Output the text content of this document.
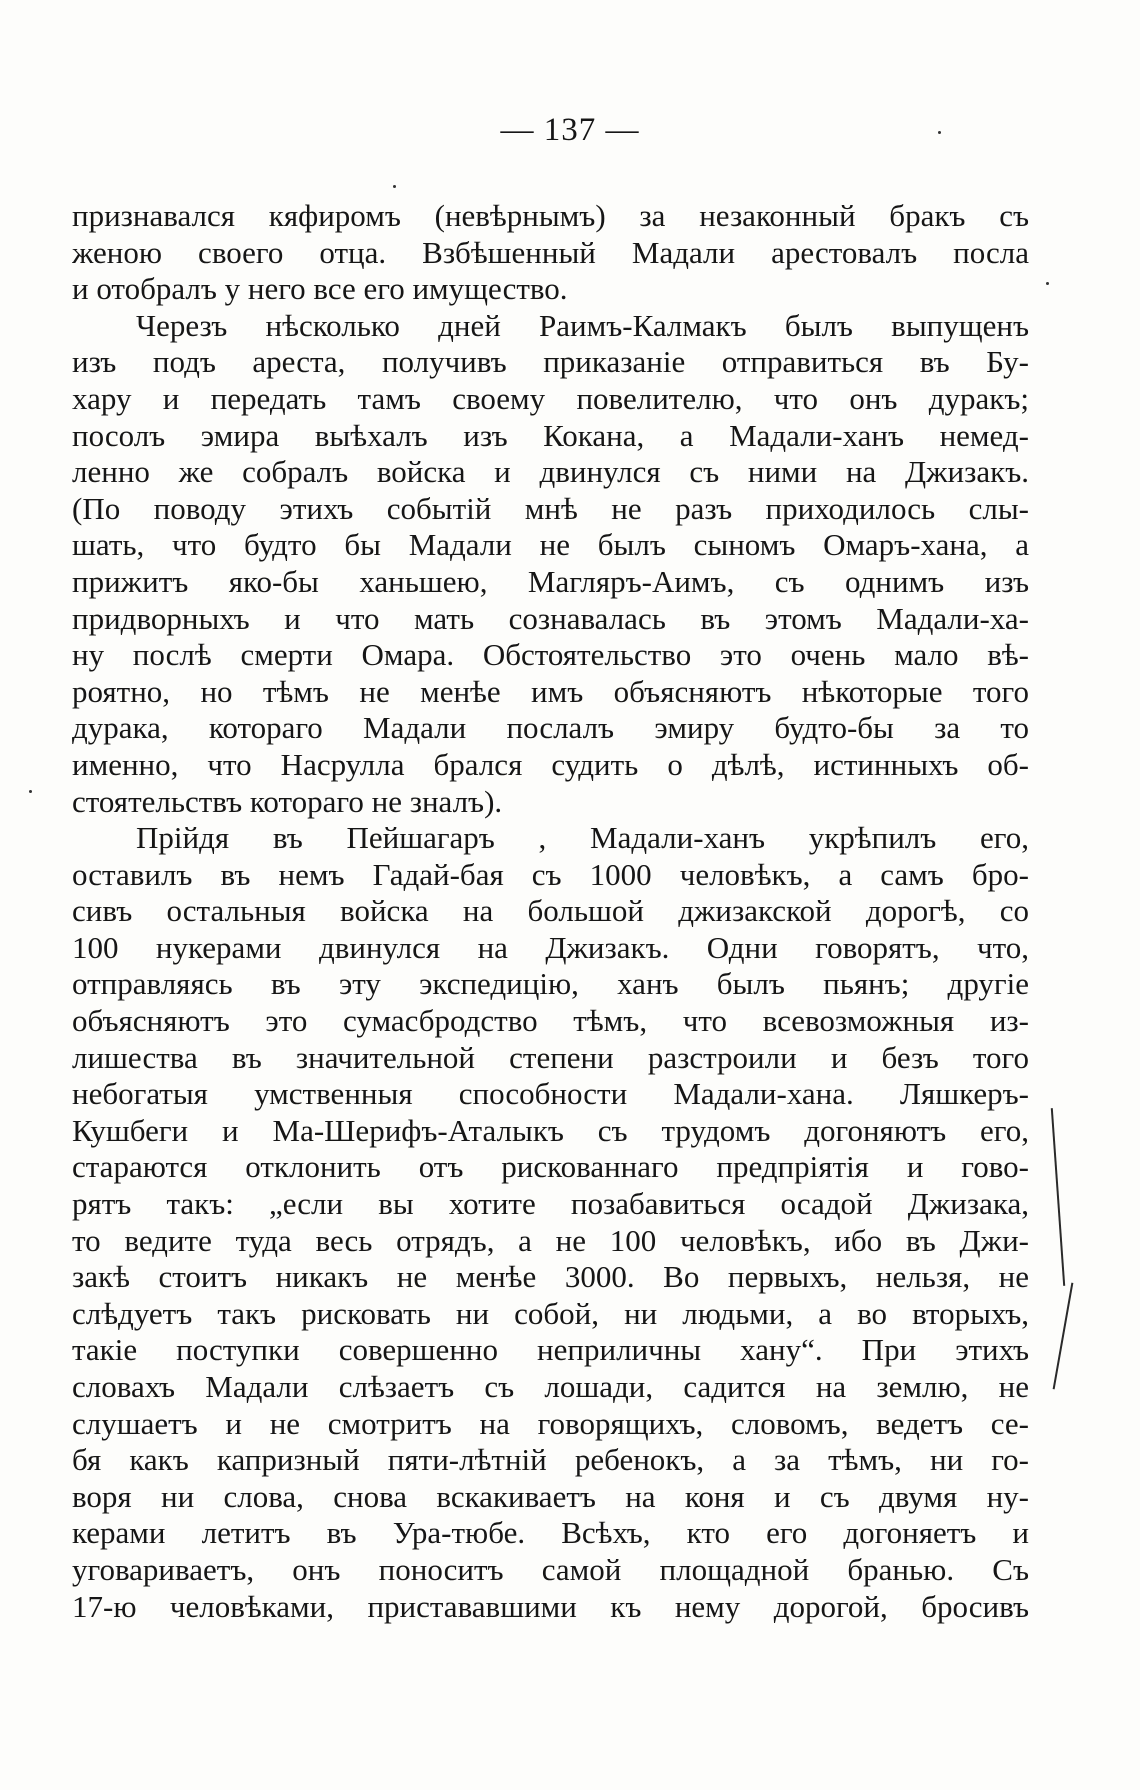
— 137 —
признавался кяфиромъ (невѣрнымъ) за незаконный бракъ съ
женою своего отца. Взбѣшенный Мадали арестовалъ посла
и отобралъ у него все его имущество.
Черезъ нѣсколько дней Раимъ-Калмакъ былъ выпущенъ
изъ подъ ареста, получивъ приказаніе отправиться въ Бу-
хару и передать тамъ своему повелителю, что онъ дуракъ;
посолъ эмира выѣхалъ изъ Кокана, а Мадали-ханъ немед-
ленно же собралъ войска и двинулся съ ними на Джизакъ.
(По поводу этихъ событій мнѣ не разъ приходилось слы-
шать, что будто бы Мадали не былъ сыномъ Омаръ-хана, а
прижитъ яко-бы ханьшею, Магляръ-Аимъ, съ однимъ изъ
придворныхъ и что мать сознавалась въ этомъ Мадали-ха-
ну послѣ смерти Омара. Обстоятельство это очень мало вѣ-
роятно, но тѣмъ не менѣе имъ объясняютъ нѣкоторые того
дурака, котораго Мадали послалъ эмиру будто-бы за то
именно, что Насрулла брался судить о дѣлѣ, истинныхъ об-
стоятельствъ котораго не зналъ).
Прійдя въ Пейшагаръ , Мадали-ханъ укрѣпилъ его,
оставилъ въ немъ Гадай-бая съ 1000 человѣкъ, а самъ бро-
сивъ остальныя войска на большой джизакской дорогѣ, со
100 нукерами двинулся на Джизакъ. Одни говорятъ, что,
отправляясь въ эту экспедицію, ханъ былъ пьянъ; другіе
объясняютъ это сумасбродство тѣмъ, что всевозможныя из-
лишества въ значительной степени разстроили и безъ того
небогатыя умственныя способности Мадали-хана. Ляшкеръ-
Кушбеги и Ма-Шерифъ-Аталыкъ съ трудомъ догоняютъ его,
стараются отклонить отъ рискованнаго предпріятія и гово-
рятъ такъ: „если вы хотите позабавиться осадой Джизака,
то ведите туда весь отрядъ, а не 100 человѣкъ, ибо въ Джи-
закѣ стоитъ никакъ не менѣе 3000. Во первыхъ, нельзя, не
слѣдуетъ такъ рисковать ни собой, ни людьми, а во вторыхъ,
такіе поступки совершенно неприличны хану“. При этихъ
словахъ Мадали слѣзаетъ съ лошади, садится на землю, не
слушаетъ и не смотритъ на говорящихъ, словомъ, ведетъ се-
бя какъ капризный пяти-лѣтній ребенокъ, а за тѣмъ, ни го-
воря ни слова, снова вскакиваетъ на коня и съ двумя ну-
керами летитъ въ Ура-тюбе. Всѣхъ, кто его догоняетъ и
уговариваетъ, онъ поноситъ самой площадной бранью. Съ
17-ю человѣками, пристававшими къ нему дорогой, бросивъ
